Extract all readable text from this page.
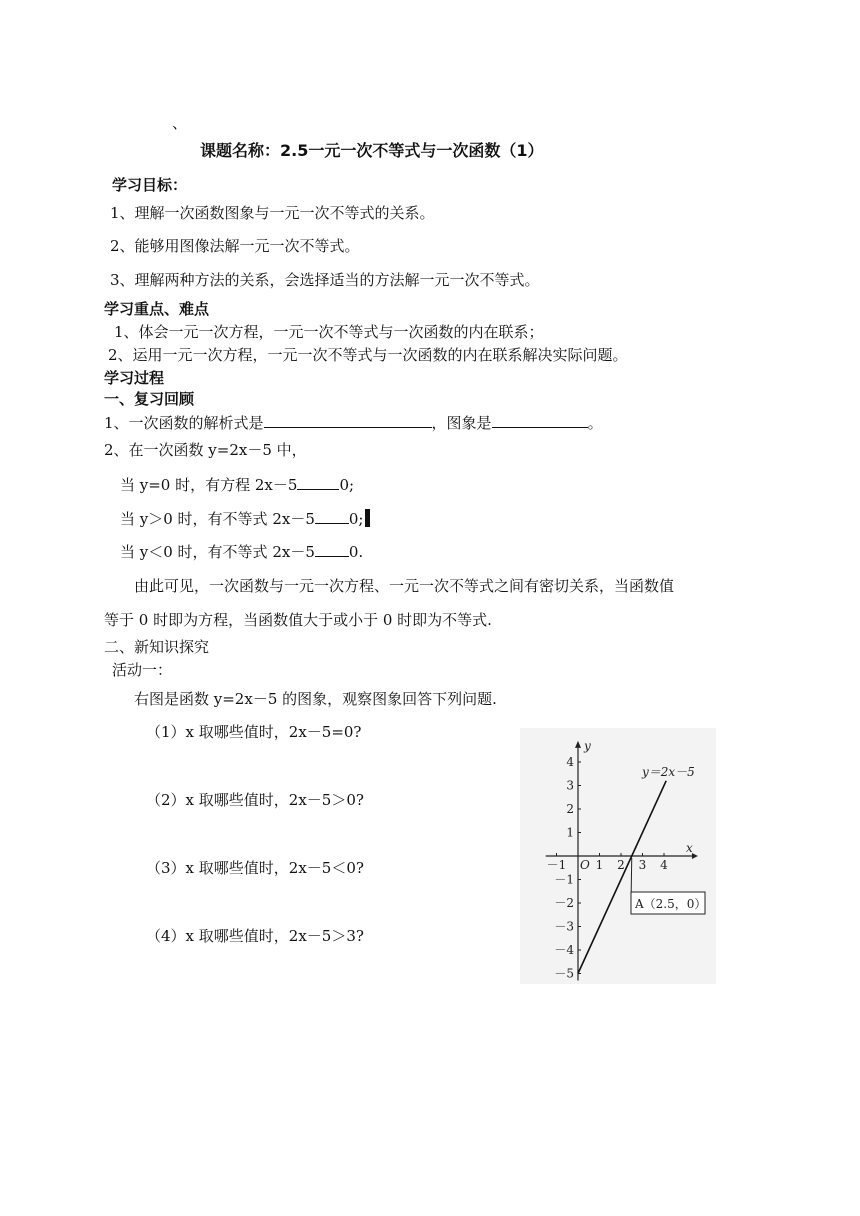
、
课题名称：2.5一元一次不等式与一次函数（1）
学习目标：
1、理解一次函数图象与一元一次不等式的关系。
2、能够用图像法解一元一次不等式。
3、理解两种方法的关系，会选择适当的方法解一元一次不等式。
学习重点、难点
1、体会一元一次方程，一元一次不等式与一次函数的内在联系；
2、运用一元一次方程，一元一次不等式与一次函数的内在联系解决实际问题。
学习过程
一、复习回顾
1、一次函数的解析式是	，图象是	。
2、在一次函数 y=2x－5 中，
当 y=0 时，有方程 2x－5	0;
当 y＞0 时，有不等式 2x－5 0;
当 y＜0 时，有不等式 2x－5 0.
由此可见，一次函数与一元一次方程、一元一次不等式之间有密切关系，当函数值
等于 0 时即为方程，当函数值大于或小于 0 时即为不等式.
二、新知识探究
活动一：
右图是函数 y=2x－5 的图象，观察图象回答下列问题.
（1）x 取哪些值时，2x－5=0?
（2）x 取哪些值时，2x－5＞0?
（3）x 取哪些值时，2x－5＜0?
（4）x 取哪些值时，2x－5＞3?
－1 1 2 3 4
4
3
2
1
－1
－2
－3
－4
－5
x
y
O
y＝2x－5
A（2.5，0）
